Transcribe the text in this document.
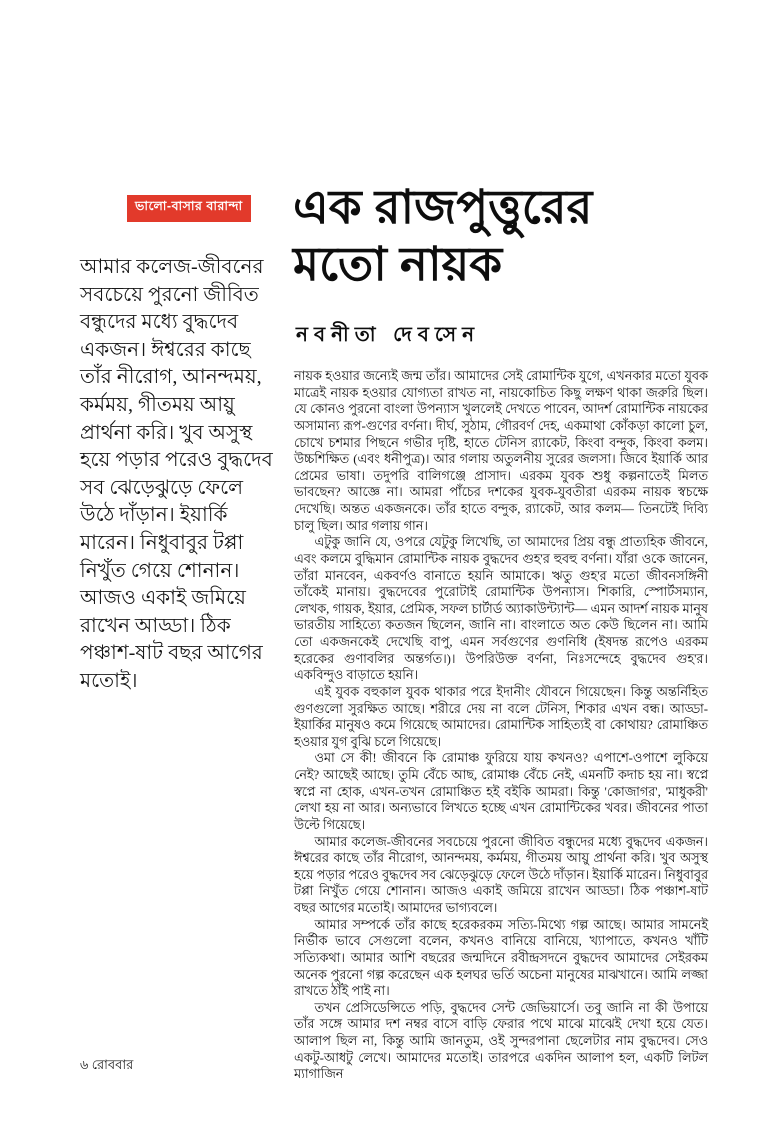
ভালো-বাসার বারান্দা এক রাজপুত্তুরের
মতো নায়ক
নবনীতা দেবসেন
আমার কলেজ-জীবনের সবচেয়ে পুরনো জীবিত বন্ধুদের মধ্যে বুদ্ধদেব একজন। ঈশ্বরের কাছে তাঁর নীরোগ, আনন্দময়, কর্মময়, গীতময় আয়ু প্রার্থনা করি। খুব অসুস্থ হয়ে পড়ার পরেও বুদ্ধদেব সব ঝেড়েঝুড়ে ফেলে উঠে দাঁড়ান। ইয়ার্কি মারেন। নিধুবাবুর টপ্পা নিখুঁত গেয়ে শোনান। আজও একাই জমিয়ে রাখেন আড্ডা। ঠিক পঞ্চাশ-ষাট বছর আগের মতোই।

নায়ক হওয়ার জন্যেই জন্ম তাঁর। আমাদের সেই রোমান্টিক যুগে, এখনকার মতো যুবক মাত্রেই নায়ক হওয়ার যোগ্যতা রাখত না, নায়কোচিত কিছু লক্ষণ থাকা জরুরি ছিল। যে কোনও পুরনো বাংলা উপন্যাস খুললেই দেখতে পাবেন, আদর্শ রোমান্টিক নায়কের অসামান্য রূপ-গুণের বর্ণনা। দীর্ঘ, সুঠাম, গৌরবর্ণ দেহ, একমাথা কোঁকড়া কালো চুল, চোখে চশমার পিছনে গভীর দৃষ্টি, হাতে টেনিস র‍্যাকেট, কিংবা বন্দুক, কিংবা কলম। উচ্চশিক্ষিত (এবং ধনীপুত্র)। আর গলায় অতুলনীয় সুরের জলসা। জিবে ইয়ার্কি আর প্রেমের ভাষা। তদুপরি বালিগঞ্জে প্রাসাদ। এরকম যুবক শুধু কল্পনাতেই মিলত ভাবছেন? আজ্ঞে না। আমরা পাঁচের দশকের যুবক-যুবতীরা এরকম নায়ক স্বচক্ষে দেখেছি। অন্তত একজনকে। তাঁর হাতে বন্দুক, র‍্যাকেট, আর কলম— তিনটেই দিব্যি চালু ছিল। আর গলায় গান।

এটুকু জানি যে, ওপরে যেটুকু লিখেছি, তা আমাদের প্রিয় বন্ধু প্রাত্যহিক জীবনে, এবং কলমে বুদ্ধিমান রোমান্টিক নায়ক বুদ্ধদেব গুহ'র হুবহু বর্ণনা। যাঁরা ওকে জানেন, তাঁরা মানবেন, একবর্ণও বানাতে হয়নি আমাকে। ঋতু গুহ'র মতো জীবনসঙ্গিনী তাঁকেই মানায়। বুদ্ধদেবের পুরোটাই রোমান্টিক উপন্যাস। শিকারি, স্পোর্টসম্যান, লেখক, গায়ক, ইয়ার, প্রেমিক, সফল চার্টার্ড অ্যাকাউন্ট্যান্ট— এমন আদর্শ নায়ক মানুষ ভারতীয় সাহিত্যে কতজন ছিলেন, জানি না। বাংলাতে অত কেউ ছিলেন না। আমি তো একজনকেই দেখেছি বাপু, এমন সর্বগুণের গুণনিধি (ইষদন্ত রূপেও এরকম হরেকের গুণাবলির অন্তর্গত।)। উপরিউক্ত বর্ণনা, নিঃসন্দেহে বুদ্ধদেব গুহ'র। একবিন্দুও বাড়াতে হয়নি।

এই যুবক বহুকাল যুবক থাকার পরে ইদানীং যৌবনে গিয়েছেন। কিন্তু অন্তর্নিহিত গুণগুলো সুরক্ষিত আছে। শরীরে দেয় না বলে টেনিস, শিকার এখন বন্ধ। আড্ডা-ইয়ার্কির মানুষও কমে গিয়েছে আমাদের। রোমান্টিক সাহিত্যই বা কোথায়? রোমাঞ্চিত হওয়ার যুগ বুঝি চলে গিয়েছে।

ওমা সে কী! জীবনে কি রোমাঞ্চ ফুরিয়ে যায় কখনও? এপাশে-ওপাশে লুকিয়ে নেই? আছেই আছে। তুমি বেঁচে আছ, রোমাঞ্চ বেঁচে নেই, এমনটি কদাচ হয় না। স্বপ্নে স্বপ্নে না হোক, এখন-তখন রোমাঞ্চিত হই বইকি আমরা। কিন্তু 'কোজাগর', 'মাধুকরী' লেখা হয় না আর। অন্যভাবে লিখতে হচ্ছে এখন রোমান্টিকের খবর। জীবনের পাতা উল্টে গিয়েছে।

আমার কলেজ-জীবনের সবচেয়ে পুরনো জীবিত বন্ধুদের মধ্যে বুদ্ধদেব একজন। ঈশ্বরের কাছে তাঁর নীরোগ, আনন্দময়, কর্মময়, গীতময় আয়ু প্রার্থনা করি। খুব অসুস্থ হয়ে পড়ার পরেও বুদ্ধদেব সব ঝেড়েঝুড়ে ফেলে উঠে দাঁড়ান। ইয়ার্কি মারেন। নিধুবাবুর টপ্পা নিখুঁত গেয়ে শোনান। আজও একাই জমিয়ে রাখেন আড্ডা। ঠিক পঞ্চাশ-ষাট বছর আগের মতোই। আমাদের ভাগ্যবলে।

আমার সম্পর্কে তাঁর কাছে হরেকরকম সত্যি-মিথ্যে গল্প আছে। আমার সামনেই নির্ভীক ভাবে সেগুলো বলেন, কখনও বানিয়ে বানিয়ে, খ্যাপাতে, কখনও খাঁটি সত্যিকথা। আমার আশি বছরের জন্মদিনে রবীন্দ্রসদনে বুদ্ধদেব আমাদের সেইরকম অনেক পুরনো গল্প করেছেন এক হলঘর ভর্তি অচেনা মানুষের মাঝখানে। আমি লজ্জা রাখতে ঠাঁই পাই না।

তখন প্রেসিডেন্সিতে পড়ি, বুদ্ধদেব সেন্ট জেভিয়ার্সে। তবু জানি না কী উপায়ে তাঁর সঙ্গে আমার দশ নম্বর বাসে বাড়ি ফেরার পথে মাঝে মাঝেই দেখা হয়ে যেত। আলাপ ছিল না, কিন্তু আমি জানতুম, ওই সুন্দরপানা ছেলেটার নাম বুদ্ধদেব। সেও একটু-আধটু লেখে। আমাদের মতোই। তারপরে একদিন আলাপ হল, একটি লিটল ম্যাগাজিন

৬ রোববার
